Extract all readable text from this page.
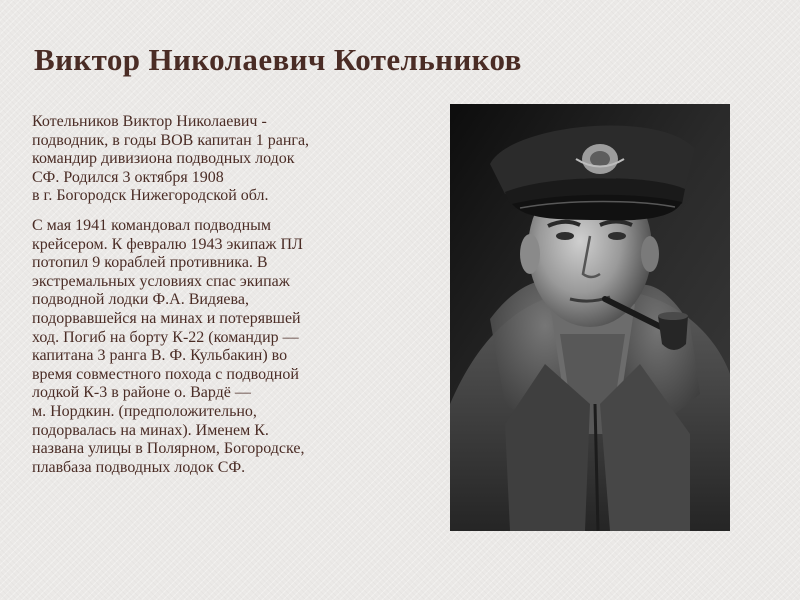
Виктор Николаевич Котельников

Котельников Виктор Николаевич -
подводник, в годы ВОВ капитан 1 ранга,
командир дивизиона подводных лодок
СФ. Родился 3 октября 1908
в г. Богородск Нижегородской обл.

С мая 1941 командовал подводным
крейсером. К февралю 1943 экипаж ПЛ
потопил 9 кораблей противника. В
экстремальных условиях спас экипаж
подводной лодки Ф.А. Видяева,
подорвавшейся на минах и потерявшей
ход. Погиб на борту К-22 (командир —
капитана 3 ранга В. Ф. Кульбакин) во
время совместного похода с подводной
лодкой К-3 в районе о. Вардё —
м. Нордкин. (предположительно,
подорвалась на минах). Именем К.
названа улицы в Полярном, Богородске,
плавбаза подводных лодок СФ.
